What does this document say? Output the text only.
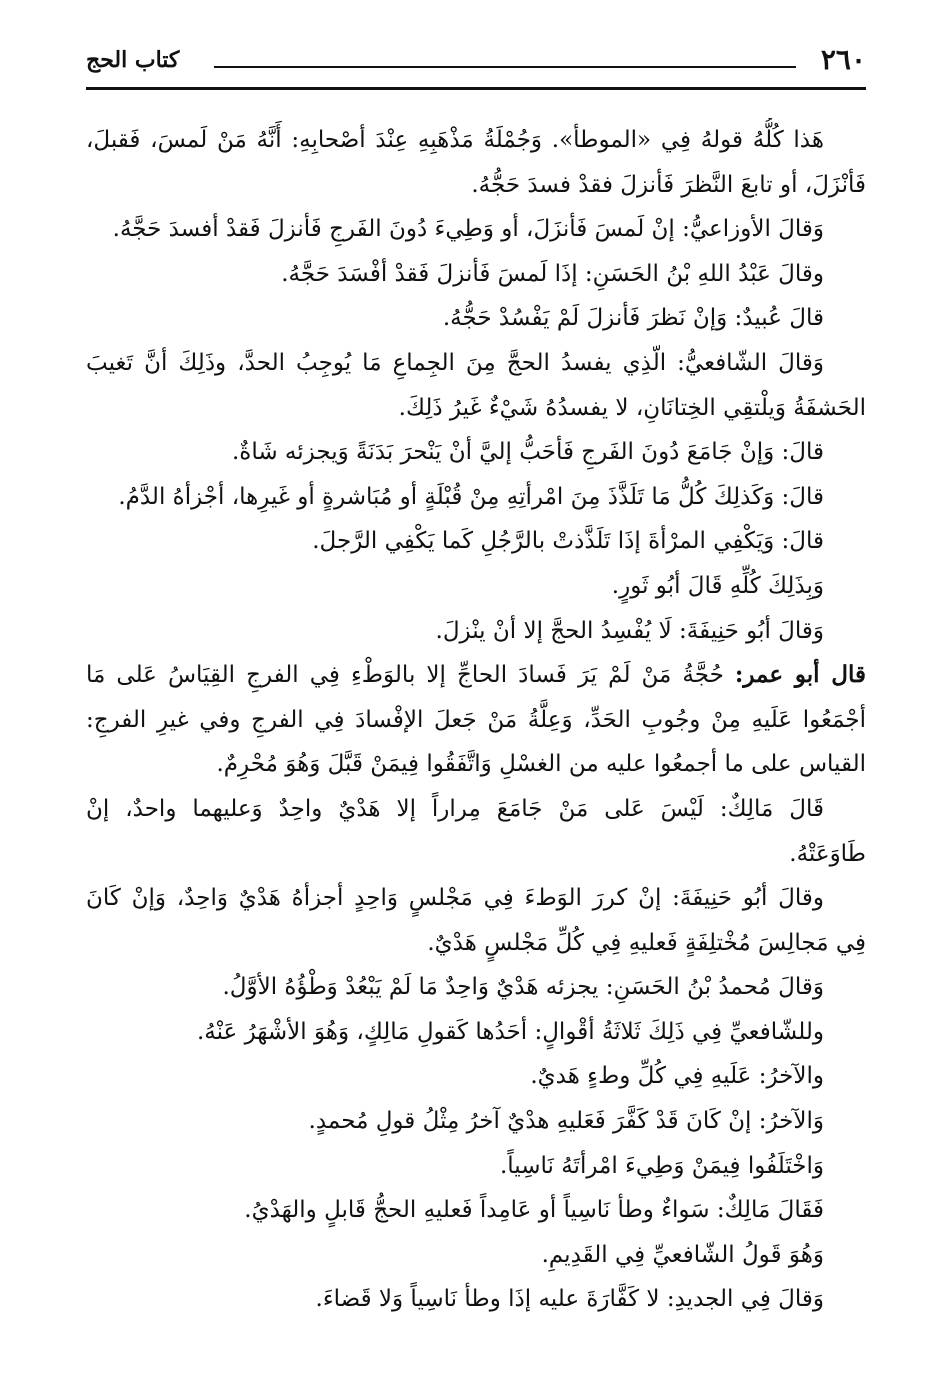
٢٦٠
كتاب الحج
هَذا كُلُّهُ قولهُ فِي «الموطأ». وَجُمْلَةُ مَذْهَبِهِ عِنْدَ أصْحابِهِ: أَنَّهُ مَنْ لَمسَ، فَقبلَ،
فَأنْزَلَ، أو تابعَ النَّظرَ فَأنزلَ فقدْ فسدَ حَجُّهُ.
وَقالَ الأوزاعيُّ: إنْ لَمسَ فَأنزَلَ، أو وَطِيءَ دُونَ الفَرجِ فَأنزلَ فَقدْ أفسدَ حَجَّهُ.
وقالَ عَبْدُ اللهِ بْنُ الحَسَنِ: إذَا لَمسَ فَأنزلَ فَقدْ أفْسَدَ حَجَّهُ.
قالَ عُبيدٌ: وَإنْ نَظرَ فَأنزلَ لَمْ يَفْسُدْ حَجُّهُ.
وَقالَ الشّافعيُّ: الّذِي يفسدُ الحجَّ مِنَ الجِماعِ مَا يُوجِبُ الحدَّ، وذَلِكَ أنَّ تَغيبَ
الحَشفَةُ وَيلْتقِي الخِتانَانِ، لا يفسدُهُ شَيْءٌ غَيرُ ذَلِكَ.
قالَ: وَإنْ جَامَعَ دُونَ الفَرجِ فَأحَبُّ إليَّ أنْ يَنْحرَ بَدَنَةً وَيجزئه شَاةٌ.
قالَ: وَكَذلِكَ كُلُّ مَا تَلَذَّذَ مِنَ امْرأتِهِ مِنْ قُبْلَةٍ أو مُبَاشرةٍ أو غَيرِها، أجْزأهُ الدَّمُ.
قالَ: وَيَكْفِي المرْأةَ إذَا تَلَذَّذتْ بالرَّجُلِ كَما يَكْفِي الرَّجلَ.
وَبِذَلِكَ كُلِّهِ قَالَ أبُو ثَورٍ.
وَقالَ أبُو حَنِيفَةَ: لَا يُفْسِدُ الحجَّ إلا أنْ ينْزلَ.
قال أبو عمر: حُجَّةُ مَنْ لَمْ يَرَ فَسادَ الحاجِّ إلا بالوَطْءِ فِي الفرجِ القِيَاسُ عَلى مَا
أجْمَعُوا عَلَيهِ مِنْ وجُوبِ الحَدِّ، وَعِلَّةُ مَنْ جَعلَ الإفْسادَ فِي الفرجِ وفي غيرِ الفرجِ:
القياس على ما أجمعُوا عليه من الغسْلِ وَاتَّفَقُوا فِيمَنْ قَبَّلَ وَهُوَ مُحْرِمٌ.
قَالَ مَالِكٌ: لَيْسَ عَلى مَنْ جَامَعَ مِراراً إلا هَدْيٌ واحِدٌ وَعليهما واحدٌ، إنْ
طَاوَعَتْهُ.
وقالَ أبُو حَنِيفَةَ: إنْ كررَ الوَطءَ فِي مَجْلسٍ وَاحِدٍ أجزأهُ هَدْيٌ وَاحِدٌ، وَإنْ كَانَ
فِي مَجالِسَ مُخْتلِفَةٍ فَعليهِ فِي كُلِّ مَجْلسٍ هَدْيٌ.
وَقالَ مُحمدُ بْنُ الحَسَنِ: يجزئه هَدْيٌ وَاحِدٌ مَا لَمْ يَبْعُدْ وَطْؤُهُ الأوَّلُ.
وللشّافعيِّ فِي ذَلِكَ ثَلاثَةُ أقْوالٍ: أحَدُها كَقولِ مَالِكٍ، وَهُوَ الأشْهَرُ عَنْهُ.
والآخرُ: عَلَيهِ فِي كُلِّ وطءٍ هَديٌ.
وَالآخرُ: إنْ كَانَ قَدْ كَفَّرَ فَعَليهِ هدْيٌ آخرُ مِثْلُ قولِ مُحمدٍ.
وَاخْتَلَفُوا فِيمَنْ وَطِيءَ امْرأتَهُ نَاسِياً.
فَقَالَ مَالِكٌ: سَواءٌ وطأ نَاسِياً أو عَامِداً فَعليهِ الحجُّ قَابلٍ والهَدْيُ.
وَهُوَ قَولُ الشّافعيِّ فِي القَدِيمِ.
وَقالَ فِي الجديدِ: لا كَفَّارَةَ عليه إذَا وطأ نَاسِياً وَلا قَضاءَ.
